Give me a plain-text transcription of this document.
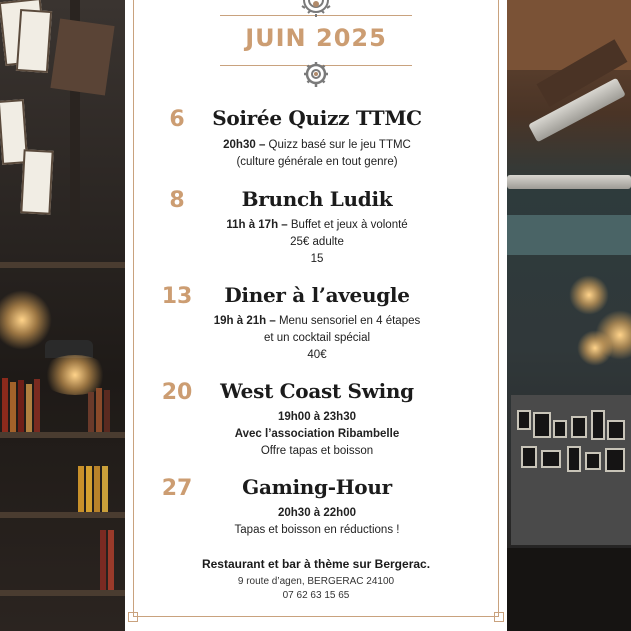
JUIN 2025
6	Soirée Quizz TTMC
20h30 – Quizz basé sur le jeu TTMC
(culture générale en tout genre)
8	Brunch Ludik
11h à 17h – Buffet et jeux à volonté
25€ adulte
15
13	Diner à l’aveugle
19h à 21h – Menu sensoriel en 4 étapes
et un cocktail spécial
40€
20	West Coast Swing
19h00 à 23h30
Avec l’association Ribambelle
Offre tapas et boisson
27	Gaming-Hour
20h30 à 22h00
Tapas et boisson en réductions !
Restaurant et bar à thème sur Bergerac.
9 route d’agen, BERGERAC 24100
07 62 63 15 65
